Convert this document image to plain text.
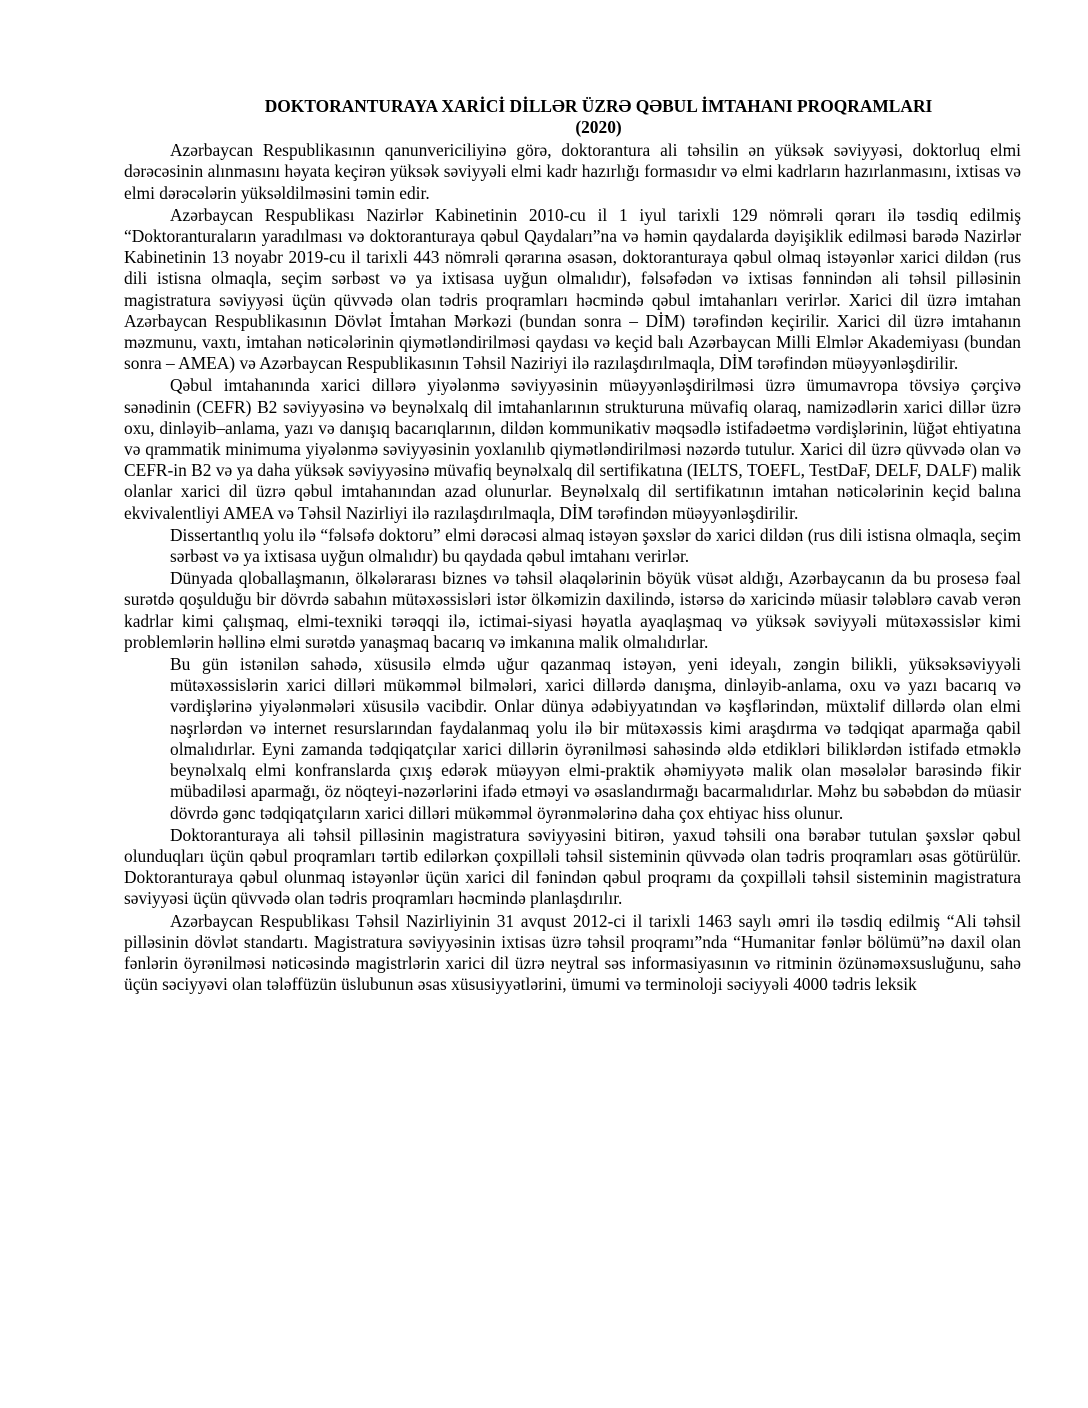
DOKTORANTURAYA XARİCİ DİLLƏR ÜZRƏ QƏBUL İMTAHANI PROQRAMLARI
(2020)

Azərbaycan Respublikasının qanunvericiliyinə görə, doktorantura ali təhsilin ən yüksək səviyyəsi, doktorluq elmi dərəcəsinin alınmasını həyata keçirən yüksək səviyyəli elmi kadr hazırlığı formasıdır və elmi kadrların hazırlanmasını, ixtisas və elmi dərəcələrin yüksəldilməsini təmin edir.

Azərbaycan Respublikası Nazirlər Kabinetinin 2010-cu il 1 iyul tarixli 129 nömrəli qərarı ilə təsdiq edilmiş “Doktoranturaların yaradılması və doktoranturaya qəbul Qaydaları”na və həmin qaydalarda dəyişiklik edilməsi barədə Nazirlər Kabinetinin 13 noyabr 2019-cu il tarixli 443 nömrəli qərarına əsasən, doktoranturaya qəbul olmaq istəyənlər xarici dildən (rus dili istisna olmaqla, seçim sərbəst və ya ixtisasa uyğun olmalıdır), fəlsəfədən və ixtisas fənnindən ali təhsil pilləsinin magistratura səviyyəsi üçün qüvvədə olan tədris proqramları həcmində qəbul imtahanları verirlər. Xarici dil üzrə imtahan Azərbaycan Respublikasının Dövlət İmtahan Mərkəzi (bundan sonra – DİM) tərəfindən keçirilir. Xarici dil üzrə imtahanın məzmunu, vaxtı, imtahan nəticələrinin qiymətləndirilməsi qaydası və keçid balı Azərbaycan Milli Elmlər Akademiyası (bundan sonra – AMEA) və Azərbaycan Respublikasının Təhsil Naziriyi ilə razılaşdırılmaqla, DİM tərəfindən müəyyənləşdirilir.

Qəbul imtahanında xarici dillərə yiyələnmə səviyyəsinin müəyyənləşdirilməsi üzrə ümumavropa tövsiyə çərçivə sənədinin (CEFR) B2 səviyyəsinə və beynəlxalq dil imtahanlarının strukturuna müvafiq olaraq, namizədlərin xarici dillər üzrə oxu, dinləyib–anlama, yazı və danışıq bacarıqlarının, dildən kommunikativ məqsədlə istifadəetmə vərdişlərinin, lüğət ehtiyatına və qrammatik minimuma yiyələnmə səviyyəsinin yoxlanılıb qiymətləndirilməsi nəzərdə tutulur. Xarici dil üzrə qüvvədə olan və CEFR-in B2 və ya daha yüksək səviyyəsinə müvafiq beynəlxalq dil sertifikatına (IELTS, TOEFL, TestDaF, DELF, DALF) malik olanlar xarici dil üzrə qəbul imtahanından azad olunurlar. Beynəlxalq dil sertifikatının imtahan nəticələrinin keçid balına ekvivalentliyi AMEA və Təhsil Nazirliyi ilə razılaşdırılmaqla, DİM tərəfindən müəyyənləşdirilir.

Dissertantlıq yolu ilə “fəlsəfə doktoru” elmi dərəcəsi almaq istəyən şəxslər də xarici dildən (rus dili istisna olmaqla, seçim sərbəst və ya ixtisasa uyğun olmalıdır) bu qaydada qəbul imtahanı verirlər.

Dünyada qloballaşmanın, ölkələrarası biznes və təhsil əlaqələrinin böyük vüsət aldığı, Azərbaycanın da bu prosesə fəal surətdə qoşulduğu bir dövrdə sabahın mütəxəssisləri istər ölkəmizin daxilində, istərsə də xaricində müasir tələblərə cavab verən kadrlar kimi çalışmaq, elmi-texniki tərəqqi ilə, ictimai-siyasi həyatla ayaqlaşmaq və yüksək səviyyəli mütəxəssislər kimi problemlərin həllinə elmi surətdə yanaşmaq bacarıq və imkanına malik olmalıdırlar.

Bu gün istənilən sahədə, xüsusilə elmdə uğur qazanmaq istəyən, yeni ideyalı, zəngin bilikli, yüksəksəviyyəli mütəxəssislərin xarici dilləri mükəmməl bilmələri, xarici dillərdə danışma, dinləyib-anlama, oxu və yazı bacarıq və vərdişlərinə yiyələnmələri xüsusilə vacibdir. Onlar dünya ədəbiyyatından və kəşflərindən, müxtəlif dillərdə olan elmi nəşrlərdən və internet resurslarından faydalanmaq yolu ilə bir mütəxəssis kimi araşdırma və tədqiqat aparmağa qabil olmalıdırlar. Eyni zamanda tədqiqatçılar xarici dillərin öyrənilməsi sahəsində əldə etdikləri biliklərdən istifadə etməklə beynəlxalq elmi konfranslarda çıxış edərək müəyyən elmi-praktik əhəmiyyətə malik olan məsələlər barəsində fikir mübadiləsi aparmağı, öz nöqteyi-nəzərlərini ifadə etməyi və əsaslandırmağı bacarmalıdırlar. Məhz bu səbəbdən də müasir dövrdə gənc tədqiqatçıların xarici dilləri mükəmməl öyrənmələrinə daha çox ehtiyac hiss olunur.

Doktoranturaya ali təhsil pilləsinin magistratura səviyyəsini bitirən, yaxud təhsili ona bərabər tutulan şəxslər qəbul olunduqları üçün qəbul proqramları tərtib edilərkən çoxpilləli təhsil sisteminin qüvvədə olan tədris proqramları əsas götürülür. Doktoranturaya qəbul olunmaq istəyənlər üçün xarici dil fənindən qəbul proqramı da çoxpilləli təhsil sisteminin magistratura səviyyəsi üçün qüvvədə olan tədris proqramları həcmində planlaşdırılır.

Azərbaycan Respublikası Təhsil Nazirliyinin 31 avqust 2012-ci il tarixli 1463 saylı əmri ilə təsdiq edilmiş “Ali təhsil pilləsinin dövlət standartı. Magistratura səviyyəsinin ixtisas üzrə təhsil proqramı”nda “Humanitar fənlər bölümü”nə daxil olan fənlərin öyrənilməsi nəticəsində magistrlərin xarici dil üzrə neytral səs informasiyasının və ritminin özünəməxsusluğunu, sahə üçün səciyyəvi olan tələffüzün üslubunun əsas xüsusiyyətlərini, ümumi və terminoloji səciyyəli 4000 tədris leksik
